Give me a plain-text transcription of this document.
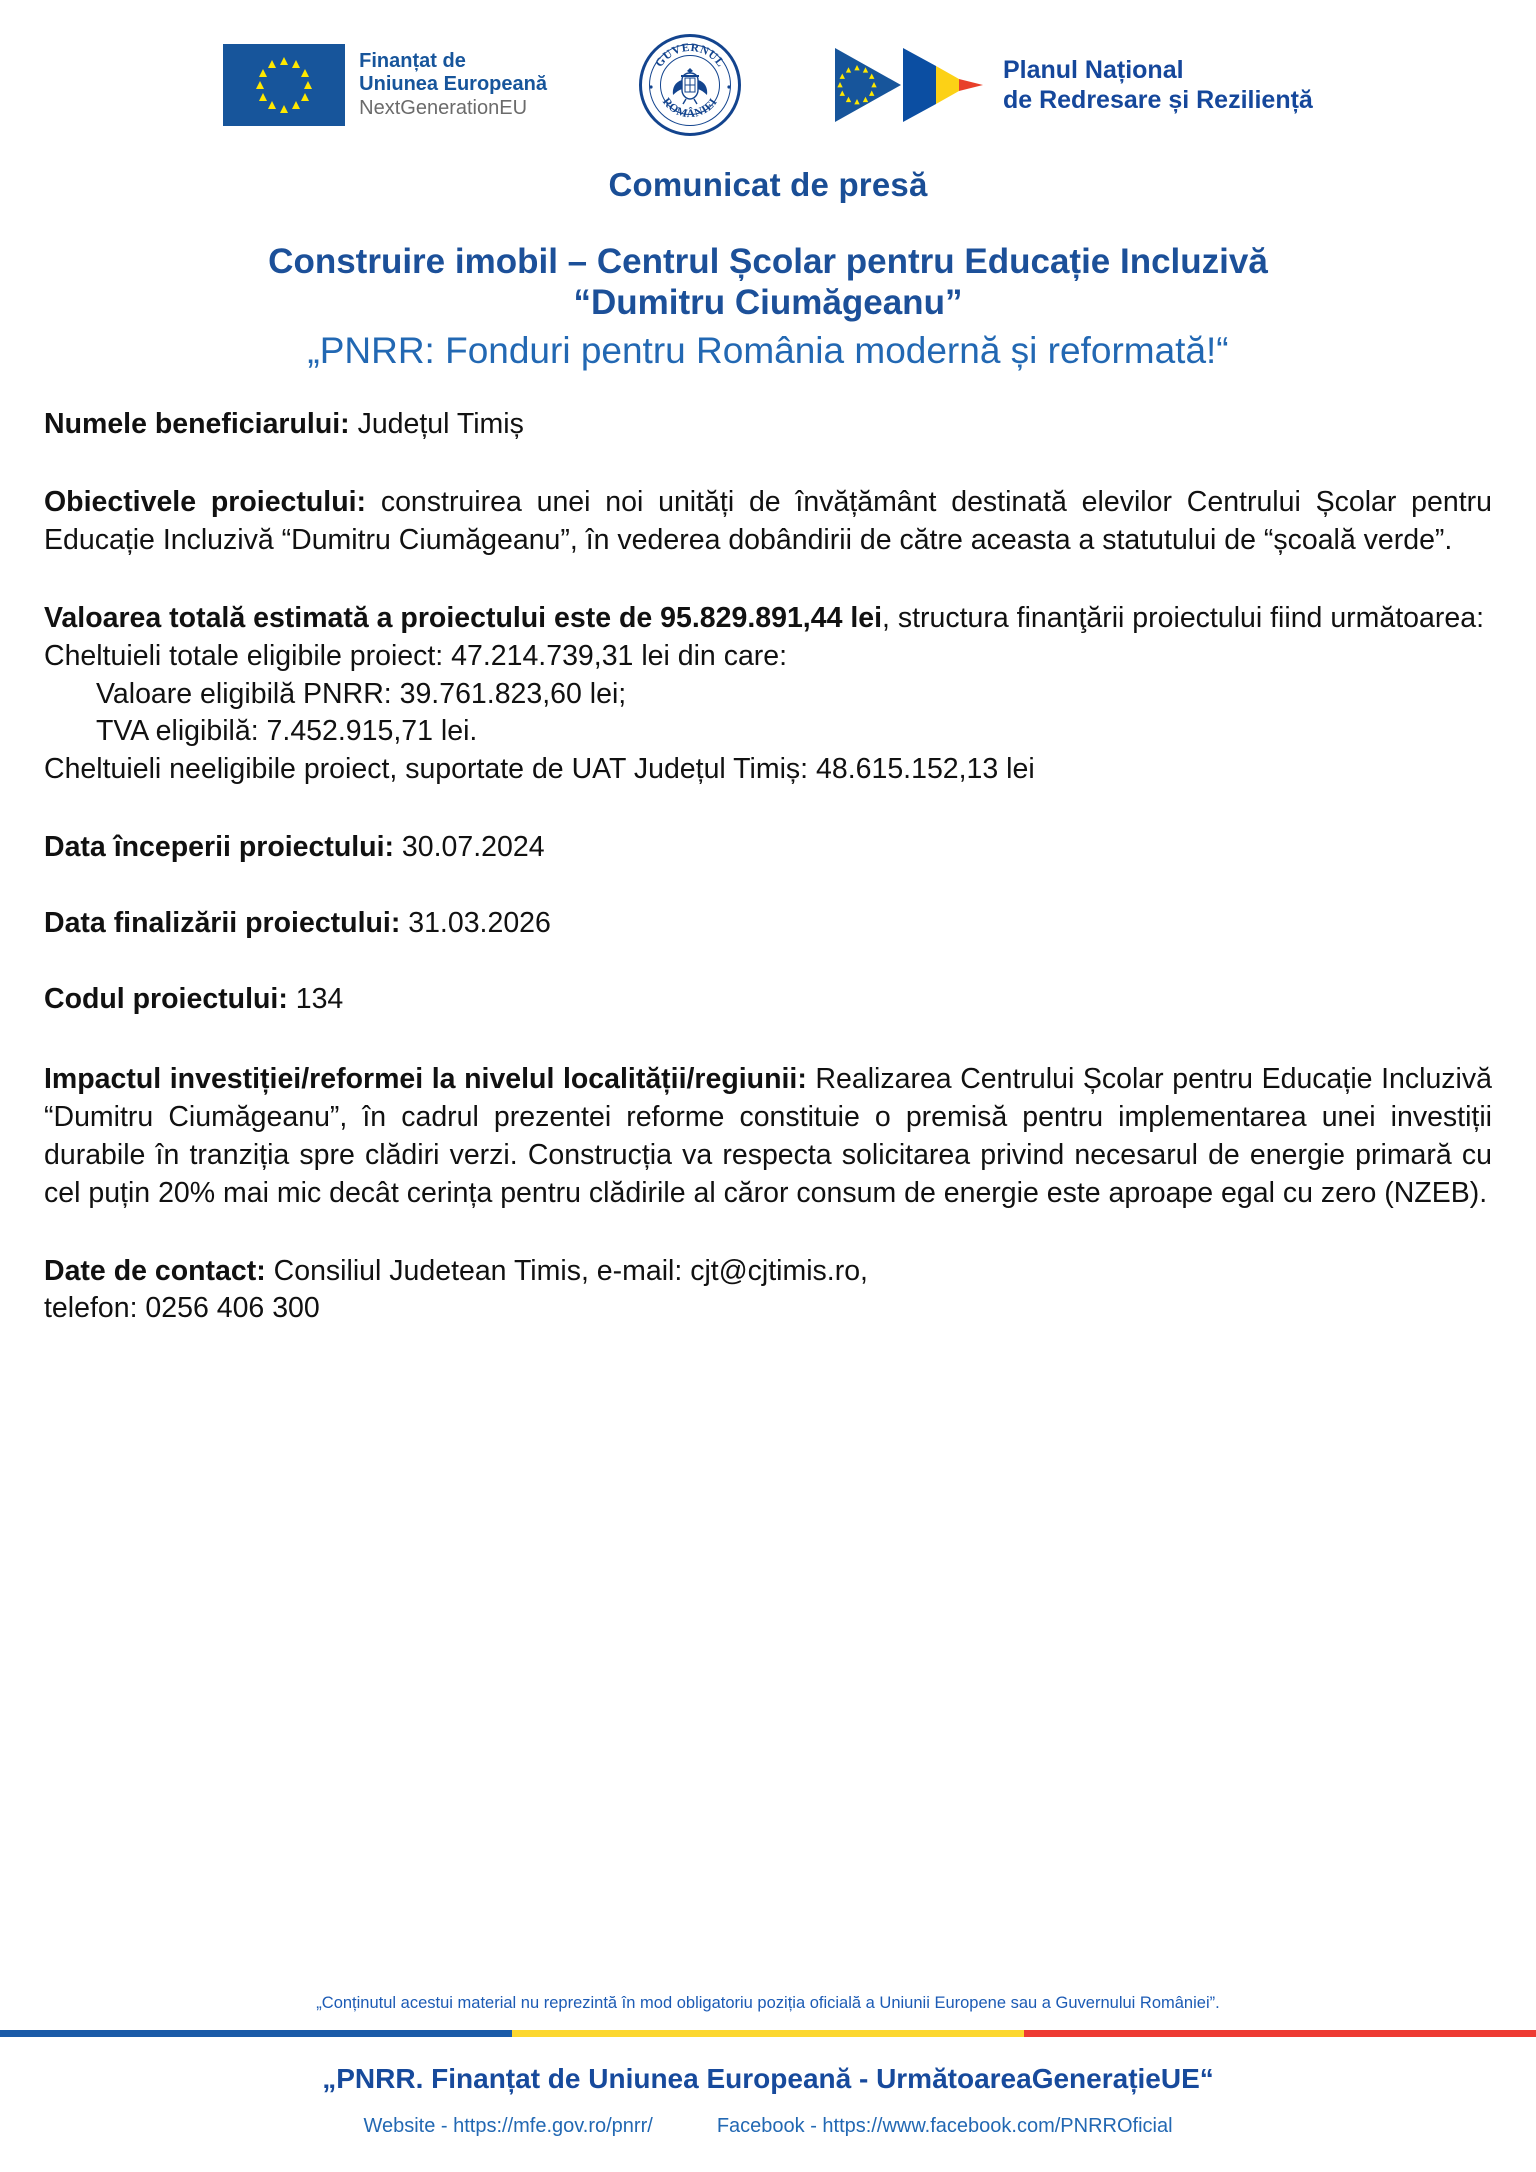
Finanțat de
Uniunea Europeană
NextGenerationEU
GUVERNUL
ROMÂNIEI
Planul Național
de Redresare și Reziliență
Comunicat de presă
Construire imobil – Centrul Școlar pentru Educație Incluzivă
“Dumitru Ciumăgeanu”
„PNRR: Fonduri pentru România modernă și reformată!“
Numele beneficiarului: Județul Timiș
Obiectivele proiectului: construirea unei noi unități de învățământ destinată elevilor Centrului Școlar pentru Educație Incluzivă “Dumitru Ciumăgeanu”, în vederea dobândirii de către aceasta a statutului de “școală verde”.
Valoarea totală estimată a proiectului este de 95.829.891,44 lei, structura finanţării proiectului fiind următoarea:
Cheltuieli totale eligibile proiect: 47.214.739,31 lei din care:
Valoare eligibilă PNRR: 39.761.823,60 lei;
TVA eligibilă: 7.452.915,71 lei.
Cheltuieli neeligibile proiect, suportate de UAT Județul Timiș: 48.615.152,13 lei
Data începerii proiectului: 30.07.2024
Data finalizării proiectului: 31.03.2026
Codul proiectului: 134
Impactul investiției/reformei la nivelul localității/regiunii: Realizarea Centrului Școlar pentru Educație Incluzivă “Dumitru Ciumăgeanu”, în cadrul prezentei reforme constituie o premisă pentru implementarea unei investiții durabile în tranziția spre clădiri verzi. Construcția va respecta solicitarea privind necesarul de energie primară cu cel puțin 20% mai mic decât cerința pentru clădirile al căror consum de energie este aproape egal cu zero (NZEB).
Date de contact: Consiliul Judetean Timis, e-mail: cjt@cjtimis.ro,
telefon: 0256 406 300
„Conținutul acestui material nu reprezintă în mod obligatoriu poziția oficială a Uniunii Europene sau a Guvernului României”.
„PNRR. Finanțat de Uniunea Europeană - UrmătoareaGenerațieUE“
Website - https://mfe.gov.ro/pnrr/	Facebook - https://www.facebook.com/PNRROficial
